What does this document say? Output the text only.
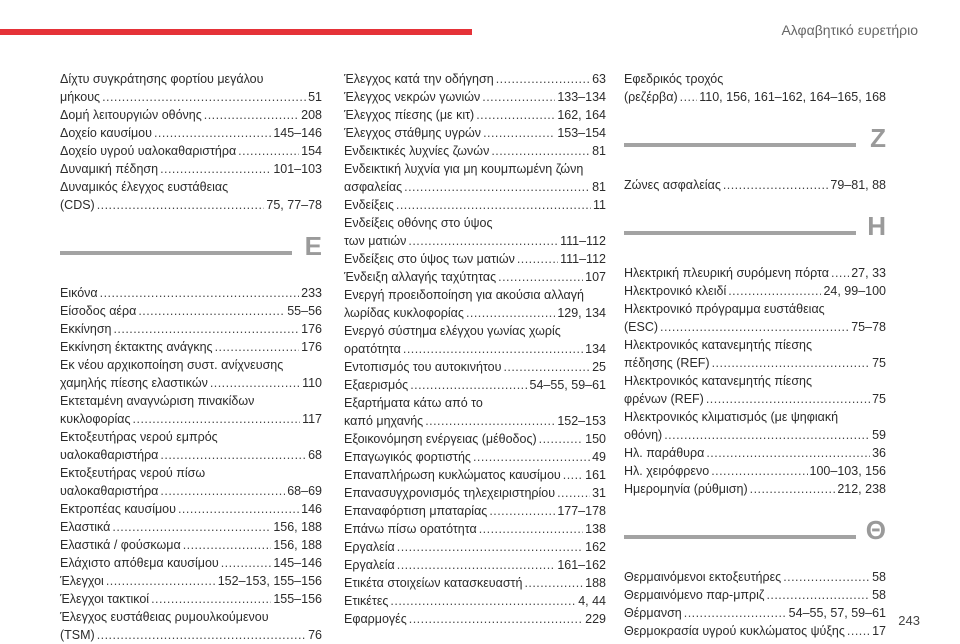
Αλφαβητικό ευρετήριο
Δίχτυ συγκράτησης φορτίου μεγάλου
μήκους . . .	51
Δομή λειτουργιών οθόνης . . .	208
Δοχείο καυσίμου . . .	145–146
Δοχείο υγρού υαλοκαθαριστήρα . . .	154
Δυναμική πέδηση . . .	101–103
Δυναμικός έλεγχος ευστάθειας
(CDS) . . .	75, 77–78
Ε
Εικόνα . . .	233
Είσοδος αέρα . . .	55–56
Εκκίνηση . . .	176
Εκκίνηση έκτακτης ανάγκης . . .	176
Εκ νέου αρχικοποίηση συστ. ανίχνευσης
χαμηλής πίεσης ελαστικών . . .	110
Εκτεταμένη αναγνώριση πινακίδων
κυκλοφορίας . . .	117
Εκτοξευτήρας νερού εμπρός
υαλοκαθαριστήρα . . .	68
Εκτοξευτήρας νερού πίσω
υαλοκαθαριστήρα . . .	68–69
Εκτροπέας καυσίμου . . .	146
Ελαστικά . . .	156, 188
Ελαστικά / φούσκωμα . . .	156, 188
Ελάχιστο απόθεμα καυσίμου . . .	145–146
Έλεγχοι . . .	152–153, 155–156
Έλεγχοι τακτικοί . . .	155–156
Έλεγχος ευστάθειας ρυμουλκούμενου
(TSM) . . .	76
Έλεγχος κατά την οδήγηση . . .	63
Έλεγχος νεκρών γωνιών . . .	133–134
Έλεγχος πίεσης (με κιτ) . . .	162, 164
Έλεγχος στάθμης υγρών . . .	153–154
Ενδεικτικές λυχνίες ζωνών . . .	81
Ενδεικτική λυχνία για μη κουμπωμένη ζώνη
ασφαλείας . . .	81
Ενδείξεις . . .	11
Ενδείξεις οθόνης στο ύψος
των ματιών . . .	111–112
Ενδείξεις στο ύψος των ματιών . . .	111–112
Ένδειξη αλλαγής ταχύτητας . . .	107
Ενεργή προειδοποίηση για ακούσια αλλαγή
λωρίδας κυκλοφορίας . . .	129, 134
Ενεργό σύστημα ελέγχου γωνίας χωρίς
ορατότητα . . .	134
Εντοπισμός του αυτοκινήτου . . .	25
Εξαερισμός . . .	54–55, 59–61
Εξαρτήματα κάτω από το
καπό μηχανής . . .	152–153
Εξοικονόμηση ενέργειας (μέθοδος) . . .	150
Επαγωγικός φορτιστής . . .	49
Επαναπλήρωση κυκλώματος καυσίμου . . . 161
Επανασυγχρονισμός τηλεχειριστηρίου . . .	31
Επαναφόρτιση μπαταρίας . . .	177–178
Επάνω πίσω ορατότητα . . .	138
Εργαλεία . . .	162
Εργαλεία . . .	161–162
Ετικέτα στοιχείων κατασκευαστή . . .	188
Ετικέτες . . .	4, 44
Εφαρμογές . . .	229
Εφεδρικός τροχός
(ρεζέρβα) . . . 110, 156, 161–162, 164–165, 168
Ζ
Ζώνες ασφαλείας . . .	79–81, 88
Η
Ηλεκτρική πλευρική συρόμενη πόρτα . . . 27, 33
Ηλεκτρονικό κλειδί . . .	24, 99–100
Ηλεκτρονικό πρόγραμμα ευστάθειας
(ESC) . . .	75–78
Ηλεκτρονικός κατανεμητής πίεσης
πέδησης (REF) . . .	75
Ηλεκτρονικός κατανεμητής πίεσης
φρένων (REF) . . .	75
Ηλεκτρονικός κλιματισμός (με ψηφιακή
οθόνη) . . .	59
Ηλ. παράθυρα . . .	36
Ηλ. χειρόφρενο . . .	100–103, 156
Ημερομηνία (ρύθμιση) . . .	212, 238
Θ
Θερμαινόμενοι εκτοξευτήρες . . .	58
Θερμαινόμενο παρ-μπριζ . . .	58
Θέρμανση . . .	54–55, 57, 59–61
Θερμοκρασία υγρού κυκλώματος ψύξης . . . 17
243
